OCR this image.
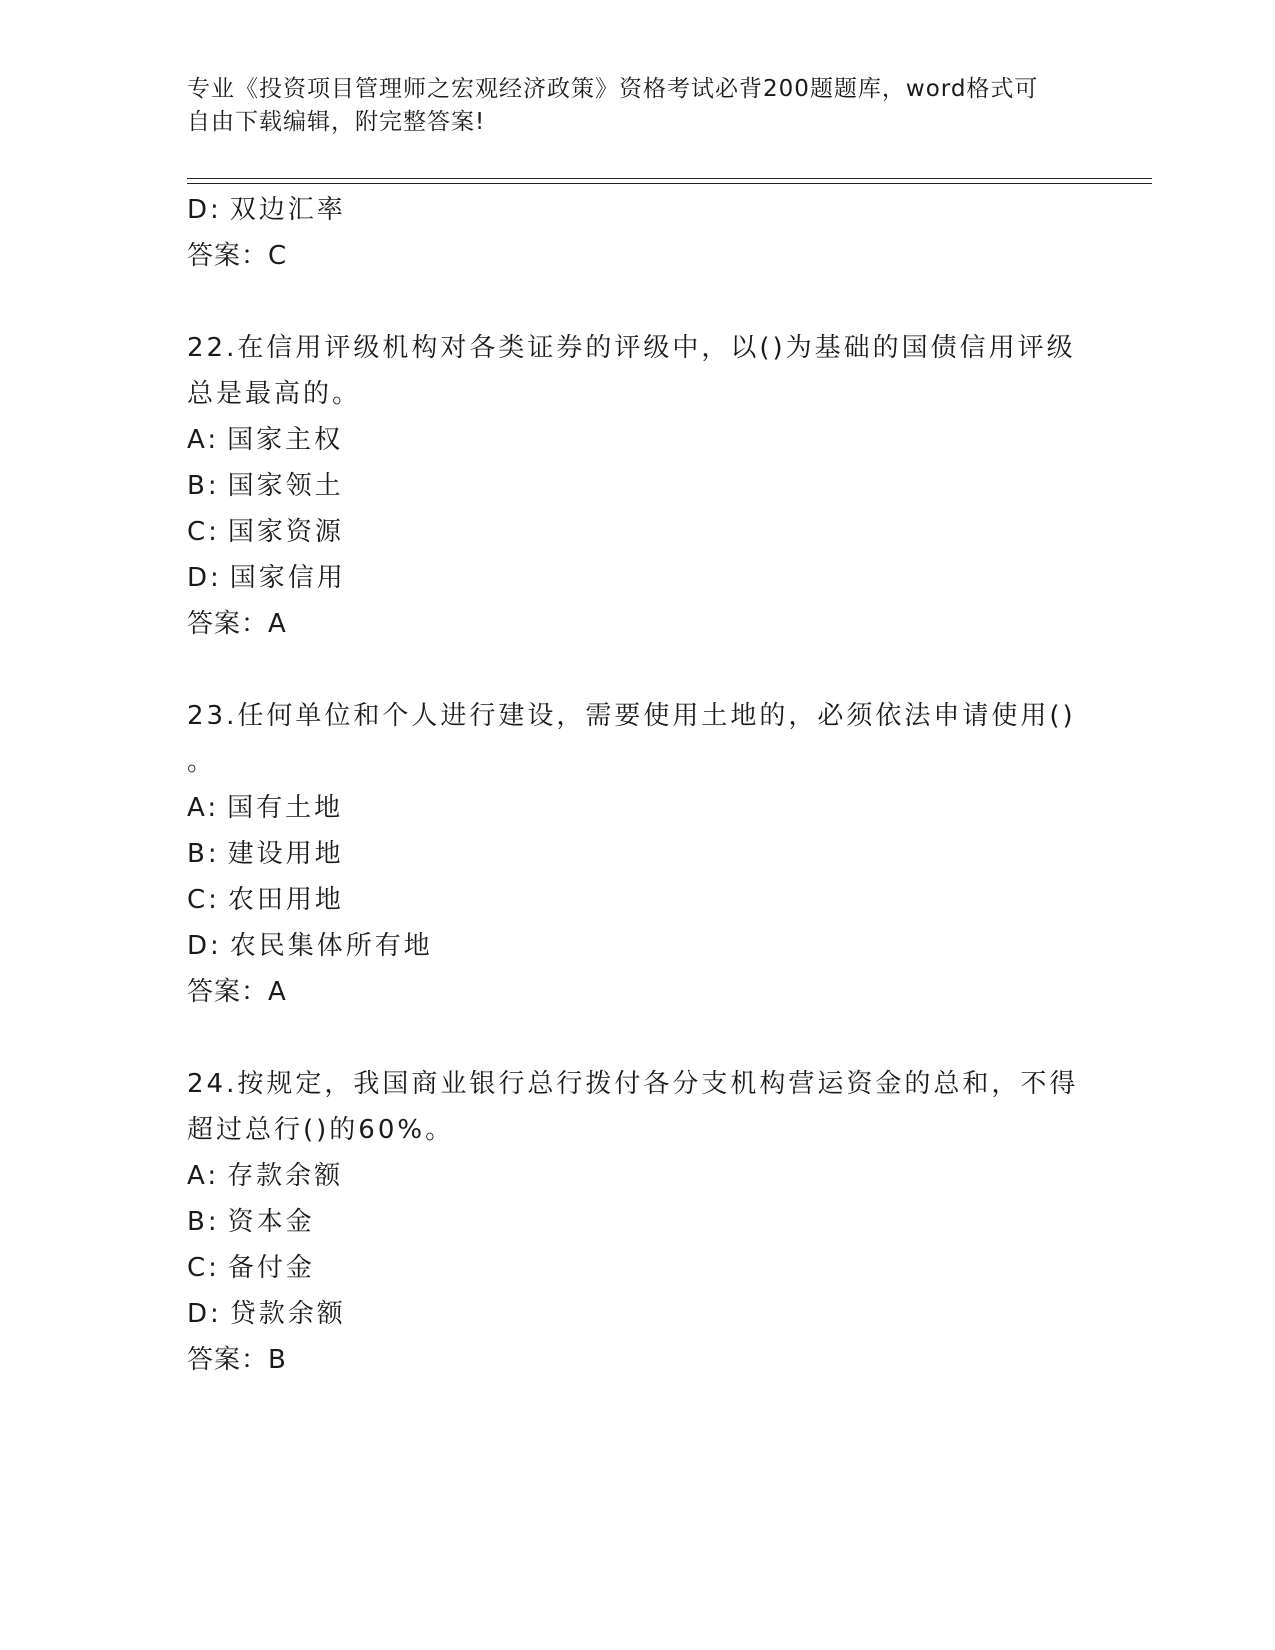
专业《投资项目管理师之宏观经济政策》资格考试必背200题题库，word格式可
自由下载编辑，附完整答案!
D: 双边汇率
答案：C
22.在信用评级机构对各类证券的评级中，以()为基础的国债信用评级
总是最高的。
A: 国家主权
B: 国家领土
C: 国家资源
D: 国家信用
答案：A
23.任何单位和个人进行建设，需要使用土地的，必须依法申请使用()
。
A: 国有土地
B: 建设用地
C: 农田用地
D: 农民集体所有地
答案：A
24.按规定，我国商业银行总行拨付各分支机构营运资金的总和，不得
超过总行()的60%。
A: 存款余额
B: 资本金
C: 备付金
D: 贷款余额
答案：B
